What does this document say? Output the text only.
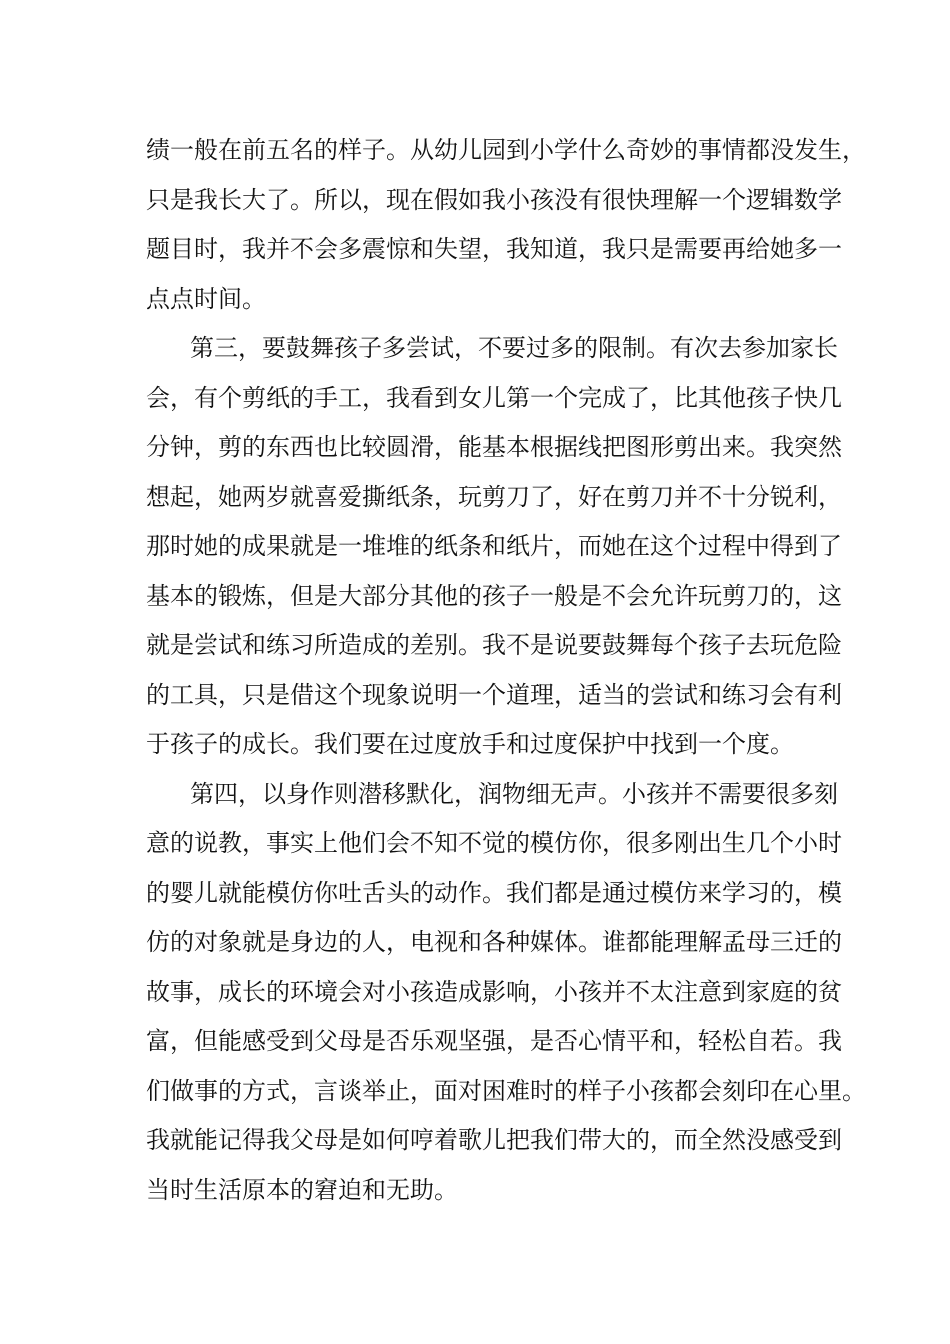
绩一般在前五名的样子。从幼儿园到小学什么奇妙的事情都没发生，
只是我长大了。所以，现在假如我小孩没有很快理解一个逻辑数学
题目时，我并不会多震惊和失望，我知道，我只是需要再给她多一
点点时间。
第三，要鼓舞孩子多尝试，不要过多的限制。有次去参加家长
会，有个剪纸的手工，我看到女儿第一个完成了，比其他孩子快几
分钟，剪的东西也比较圆滑，能基本根据线把图形剪出来。我突然
想起，她两岁就喜爱撕纸条，玩剪刀了，好在剪刀并不十分锐利，
那时她的成果就是一堆堆的纸条和纸片，而她在这个过程中得到了
基本的锻炼，但是大部分其他的孩子一般是不会允许玩剪刀的，这
就是尝试和练习所造成的差别。我不是说要鼓舞每个孩子去玩危险
的工具，只是借这个现象说明一个道理，适当的尝试和练习会有利
于孩子的成长。我们要在过度放手和过度保护中找到一个度。
第四，以身作则潜移默化，润物细无声。小孩并不需要很多刻
意的说教，事实上他们会不知不觉的模仿你，很多刚出生几个小时
的婴儿就能模仿你吐舌头的动作。我们都是通过模仿来学习的，模
仿的对象就是身边的人，电视和各种媒体。谁都能理解孟母三迁的
故事，成长的环境会对小孩造成影响，小孩并不太注意到家庭的贫
富，但能感受到父母是否乐观坚强，是否心情平和，轻松自若。我
们做事的方式，言谈举止，面对困难时的样子小孩都会刻印在心里。
我就能记得我父母是如何哼着歌儿把我们带大的，而全然没感受到
当时生活原本的窘迫和无助。
